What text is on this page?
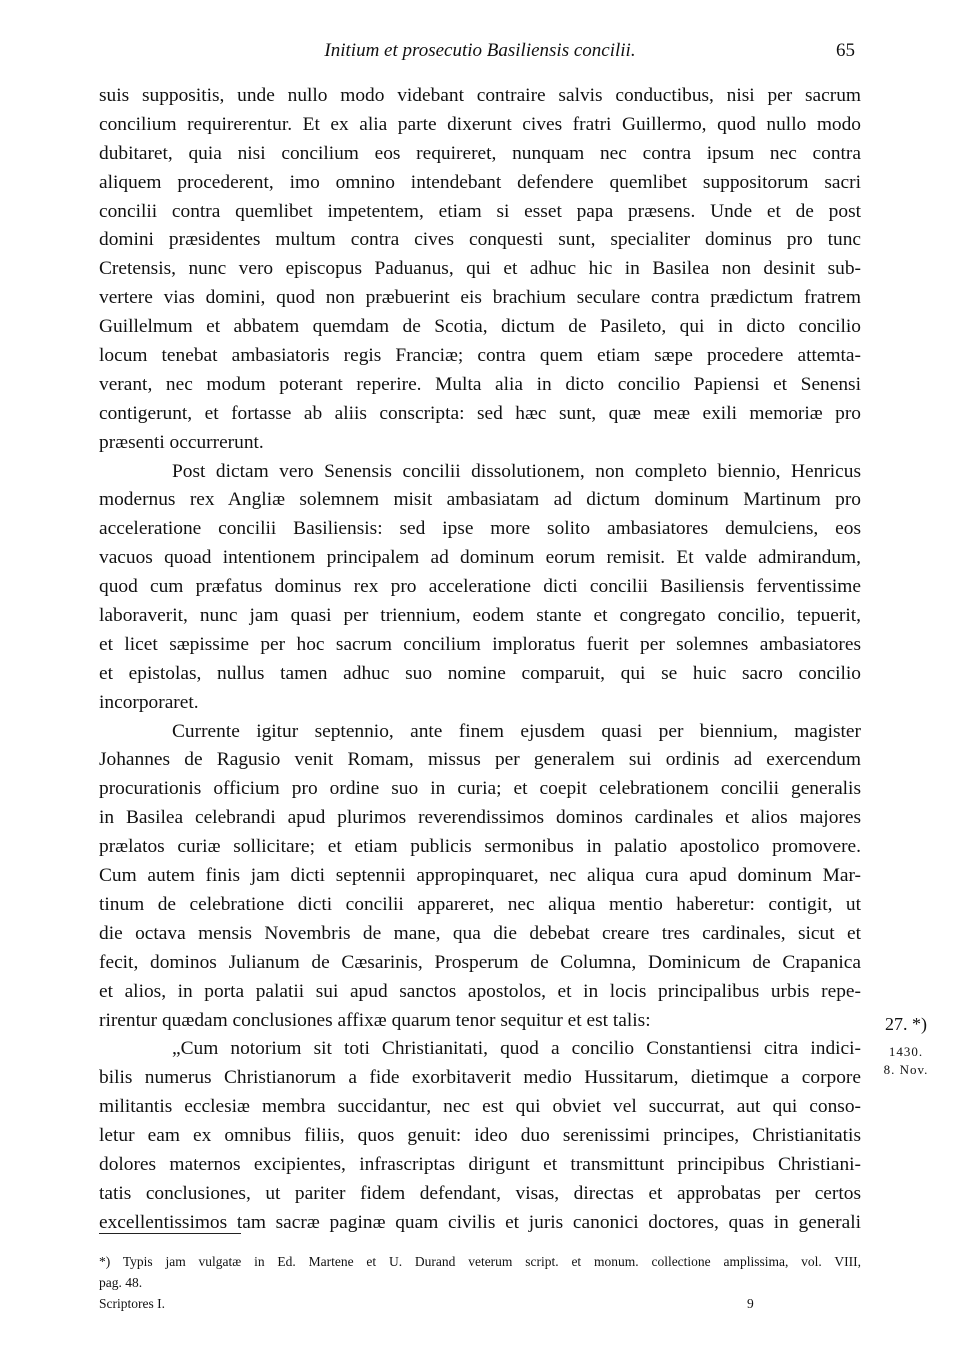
Initium et prosecutio Basiliensis concilii.	65
suis suppositis, unde nullo modo videbant contraire salvis conductibus, nisi per sacrum
concilium requirerentur. Et ex alia parte dixerunt cives fratri Guillermo, quod nullo modo
dubitaret, quia nisi concilium eos requireret, nunquam nec contra ipsum nec contra
aliquem procederent, imo omnino intendebant defendere quemlibet suppositorum sacri
concilii contra quemlibet impetentem, etiam si esset papa præsens. Unde et de post
domini præsidentes multum contra cives conquesti sunt, specialiter dominus pro tunc
Cretensis, nunc vero episcopus Paduanus, qui et adhuc hic in Basilea non desinit sub-
vertere vias domini, quod non præbuerint eis brachium seculare contra prædictum fratrem
Guillelmum et abbatem quemdam de Scotia, dictum de Pasileto, qui in dicto concilio
locum tenebat ambasiatoris regis Franciæ; contra quem etiam sæpe procedere attemta-
verant, nec modum poterant reperire. Multa alia in dicto concilio Papiensi et Senensi
contigerunt, et fortasse ab aliis conscripta: sed hæc sunt, quæ meæ exili memoriæ pro
præsenti occurrerunt.
Post dictam vero Senensis concilii dissolutionem, non completo biennio, Henricus
modernus rex Angliæ solemnem misit ambasiatam ad dictum dominum Martinum pro
acceleratione concilii Basiliensis: sed ipse more solito ambasiatores demulciens, eos
vacuos quoad intentionem principalem ad dominum eorum remisit. Et valde admirandum,
quod cum præfatus dominus rex pro acceleratione dicti concilii Basiliensis ferventissime
laboraverit, nunc jam quasi per triennium, eodem stante et congregato concilio, tepuerit,
et licet sæpissime per hoc sacrum concilium imploratus fuerit per solemnes ambasiatores
et epistolas, nullus tamen adhuc suo nomine comparuit, qui se huic sacro concilio
incorporaret.
Currente igitur septennio, ante finem ejusdem quasi per biennium, magister
Johannes de Ragusio venit Romam, missus per generalem sui ordinis ad exercendum
procurationis officium pro ordine suo in curia; et coepit celebrationem concilii generalis
in Basilea celebrandi apud plurimos reverendissimos dominos cardinales et alios majores
prælatos curiæ sollicitare; et etiam publicis sermonibus in palatio apostolico promovere.
Cum autem finis jam dicti septennii appropinquaret, nec aliqua cura apud dominum Mar-
tinum de celebratione dicti concilii appareret, nec aliqua mentio haberetur: contigit, ut
die octava mensis Novembris de mane, qua die debebat creare tres cardinales, sicut et
fecit, dominos Julianum de Cæsarinis, Prosperum de Columna, Dominicum de Crapanica
et alios, in porta palatii sui apud sanctos apostolos, et in locis principalibus urbis repe-
rirentur quædam conclusiones affixæ quarum tenor sequitur et est talis:
„Cum notorium sit toti Christianitati, quod a concilio Constantiensi citra indici-
bilis numerus Christianorum a fide exorbitaverit medio Hussitarum, dietimque a corpore
militantis ecclesiæ membra succidantur, nec est qui obviet vel succurrat, aut qui conso-
letur eam ex omnibus filiis, quos genuit: ideo duo serenissimi principes, Christianitatis
dolores maternos excipientes, infrascriptas dirigunt et transmittunt principibus Christiani-
tatis conclusiones, ut pariter fidem defendant, visas, directas et approbatas per certos
excellentissimos tam sacræ paginæ quam civilis et juris canonici doctores, quas in generali
27. *)
1430.
8. Nov.
*) Typis jam vulgatæ in Ed. Martene et U. Durand veterum script. et monum. collectione amplissima, vol. VIII,
pag. 48.
Scriptores I.	9
